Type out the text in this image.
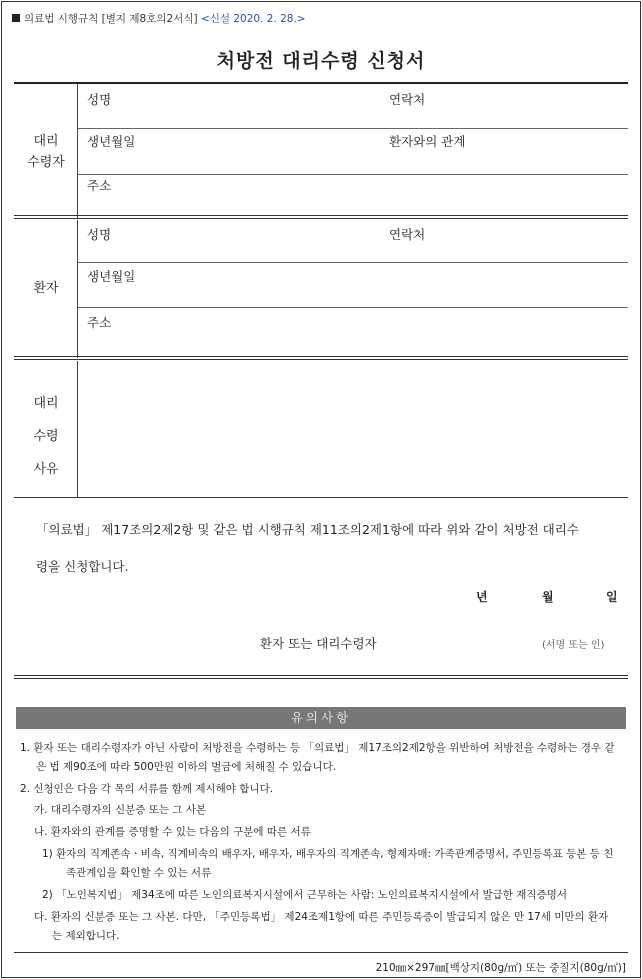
의료법 시행규칙 [별지 제8호의2서식] <신설 2020. 2. 28.>
처방전 대리수령 신청서
대리
수령자
성명	연락처
생년월일	환자와의 관계
주소
환자
성명	연락처
생년월일
주소
대리
수령
사유
「의료법」 제17조의2제2항 및 같은 법 시행규칙 제11조의2제1항에 따라 위와 같이 처방전 대리수
령을 신청합니다.
년	월	일
환자 또는 대리수령자	(서명 또는 인)
유의사항
1. 환자 또는 대리수령자가 아닌 사람이 처방전을 수령하는 등 「의료법」 제17조의2제2항을 위반하여 처방전을 수령하는 경우 같
은 법 제90조에 따라 500만원 이하의 벌금에 처해질 수 있습니다.
2. 신청인은 다음 각 목의 서류를 함께 제시해야 합니다.
가. 대리수령자의 신분증 또는 그 사본
나. 환자와의 관계를 증명할 수 있는 다음의 구분에 따른 서류
1) 환자의 직계존속ㆍ비속, 직계비속의 배우자, 배우자, 배우자의 직계존속, 형제자매: 가족관계증명서, 주민등록표 등본 등 친
족관계임을 확인할 수 있는 서류
2) 「노인복지법」 제34조에 따른 노인의료복지시설에서 근무하는 사람: 노인의료복지시설에서 발급한 재직증명서
다. 환자의 신분증 또는 그 사본. 다만, 「주민등록법」 제24조제1항에 따른 주민등록증이 발급되지 않은 만 17세 미만의 환자
는 제외합니다.
210㎜×297㎜[백상지(80g/㎡) 또는 중질지(80g/㎡)]
